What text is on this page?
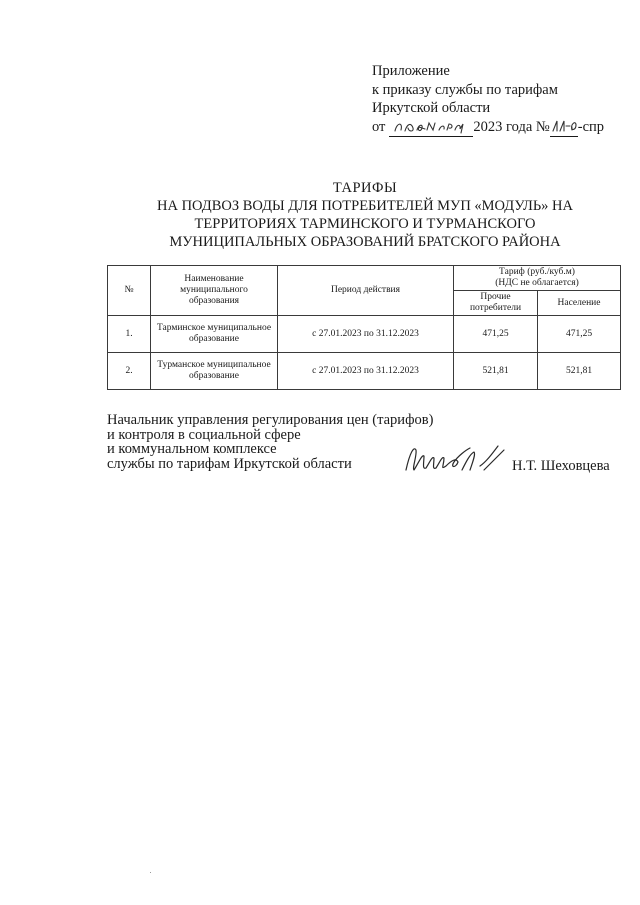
Приложение
к приказу службы по тарифам
Иркутской области
от	2023 года № -спр
ТАРИФЫ
НА ПОДВОЗ ВОДЫ ДЛЯ ПОТРЕБИТЕЛЕЙ МУП «МОДУЛЬ» НА
ТЕРРИТОРИЯХ ТАРМИНСКОГО И ТУРМАНСКОГО
МУНИЦИПАЛЬНЫХ ОБРАЗОВАНИЙ БРАТСКОГО РАЙОНА
№	Наименование муниципального образования	Период действия	Тариф (руб./куб.м)
(НДС не облагается)	

			Прочие потребители	Население
1.	Тарминское муниципальное образование	с 27.01.2023 по 31.12.2023	471,25	471,25
2.	Турманское муниципальное образование	с 27.01.2023 по 31.12.2023	521,81	521,81
Начальник управления регулирования цен (тарифов)
и контроля в социальной сфере
и коммунальном комплексе
службы по тарифам Иркутской области	Н.Т. Шеховцева
